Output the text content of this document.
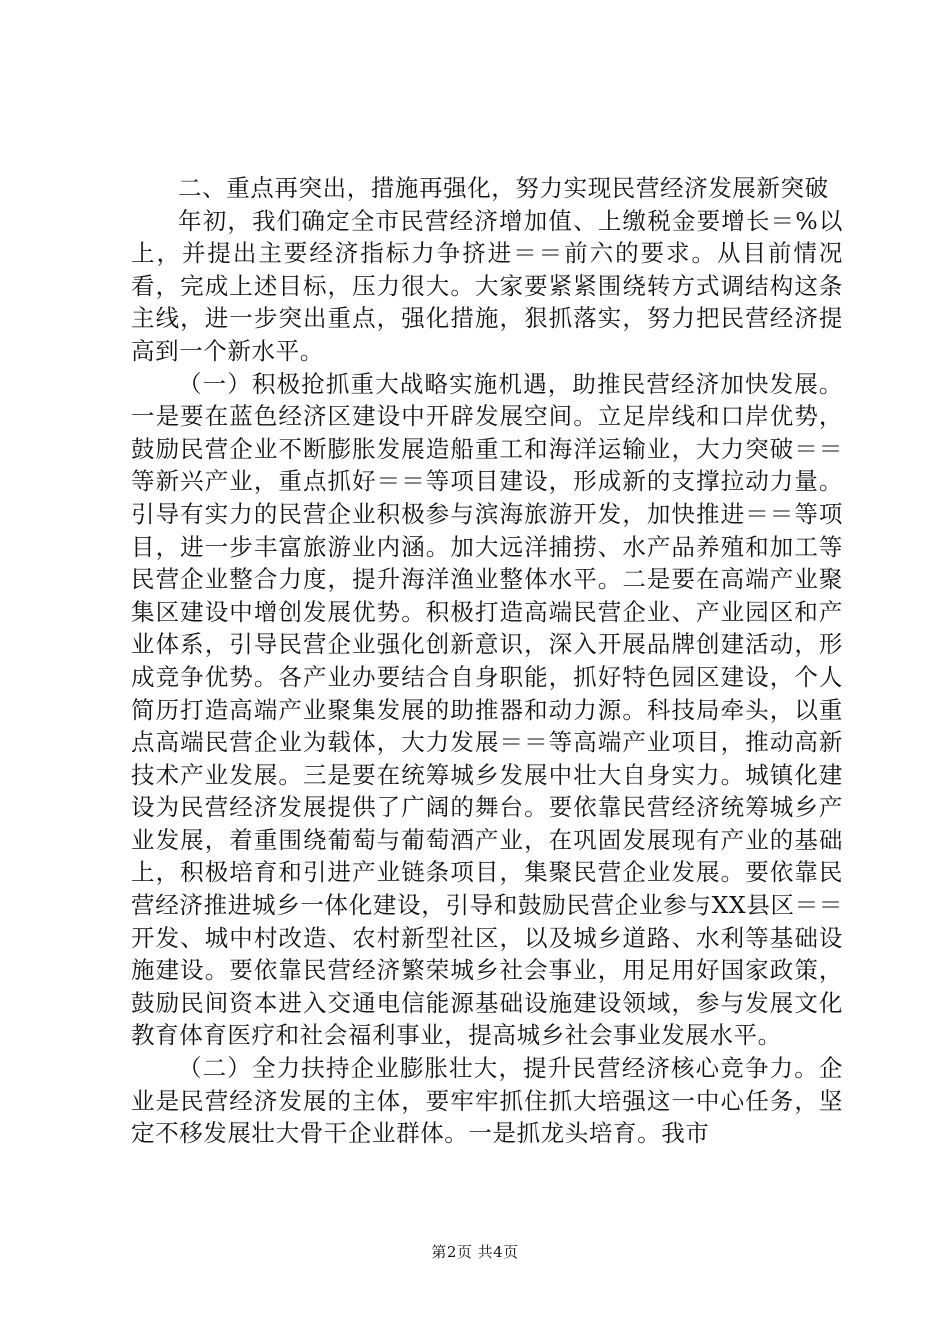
二、重点再突出，措施再强化，努力实现民营经济发展新突破

年初，我们确定全市民营经济增加值、上缴税金要增长＝%以上，并提出主要经济指标力争挤进＝＝前六的要求。从目前情况看，完成上述目标，压力很大。大家要紧紧围绕转方式调结构这条主线，进一步突出重点，强化措施，狠抓落实，努力把民营经济提高到一个新水平。

（一）积极抢抓重大战略实施机遇，助推民营经济加快发展。一是要在蓝色经济区建设中开辟发展空间。立足岸线和口岸优势，鼓励民营企业不断膨胀发展造船重工和海洋运输业，大力突破＝＝等新兴产业，重点抓好＝＝等项目建设，形成新的支撑拉动力量。引导有实力的民营企业积极参与滨海旅游开发，加快推进＝＝等项目，进一步丰富旅游业内涵。加大远洋捕捞、水产品养殖和加工等民营企业整合力度，提升海洋渔业整体水平。二是要在高端产业聚集区建设中增创发展优势。积极打造高端民营企业、产业园区和产业体系，引导民营企业强化创新意识，深入开展品牌创建活动，形成竞争优势。各产业办要结合自身职能，抓好特色园区建设，个人简历打造高端产业聚集发展的助推器和动力源。科技局牵头，以重点高端民营企业为载体，大力发展＝＝等高端产业项目，推动高新技术产业发展。三是要在统筹城乡发展中壮大自身实力。城镇化建设为民营经济发展提供了广阔的舞台。要依靠民营经济统筹城乡产业发展，着重围绕葡萄与葡萄酒产业，在巩固发展现有产业的基础上，积极培育和引进产业链条项目，集聚民营企业发展。要依靠民营经济推进城乡一体化建设，引导和鼓励民营企业参与XX县区＝＝开发、城中村改造、农村新型社区，以及城乡道路、水利等基础设施建设。要依靠民营经济繁荣城乡社会事业，用足用好国家政策，鼓励民间资本进入交通电信能源基础设施建设领域，参与发展文化教育体育医疗和社会福利事业，提高城乡社会事业发展水平。

（二）全力扶持企业膨胀壮大，提升民营经济核心竞争力。企业是民营经济发展的主体，要牢牢抓住抓大培强这一中心任务，坚定不移发展壮大骨干企业群体。一是抓龙头培育。我市

第2页 共4页
